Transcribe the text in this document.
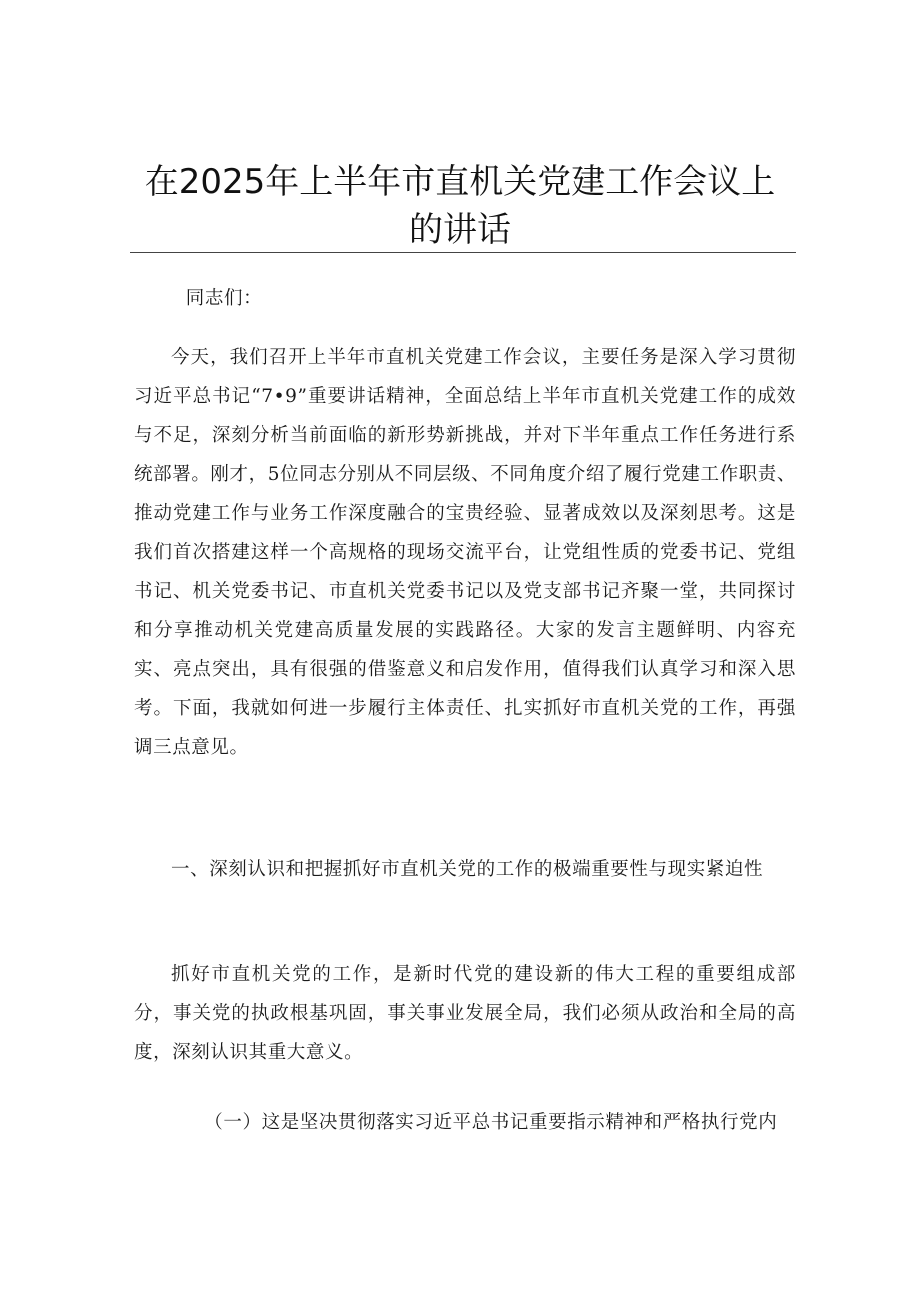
在2025年上半年市直机关党建工作会议上的讲话

同志们：

今天，我们召开上半年市直机关党建工作会议，主要任务是深入学习贯彻习近平总书记“7•9”重要讲话精神，全面总结上半年市直机关党建工作的成效与不足，深刻分析当前面临的新形势新挑战，并对下半年重点工作任务进行系统部署。刚才，5位同志分别从不同层级、不同角度介绍了履行党建工作职责、推动党建工作与业务工作深度融合的宝贵经验、显著成效以及深刻思考。这是我们首次搭建这样一个高规格的现场交流平台，让党组性质的党委书记、党组书记、机关党委书记、市直机关党委书记以及党支部书记齐聚一堂，共同探讨和分享推动机关党建高质量发展的实践路径。大家的发言主题鲜明、内容充实、亮点突出，具有很强的借鉴意义和启发作用，值得我们认真学习和深入思考。下面，我就如何进一步履行主体责任、扎实抓好市直机关党的工作，再强调三点意见。

一、深刻认识和把握抓好市直机关党的工作的极端重要性与现实紧迫性

抓好市直机关党的工作，是新时代党的建设新的伟大工程的重要组成部分，事关党的执政根基巩固，事关事业发展全局，我们必须从政治和全局的高度，深刻认识其重大意义。

（一）这是坚决贯彻落实习近平总书记重要指示精神和严格执行党内
